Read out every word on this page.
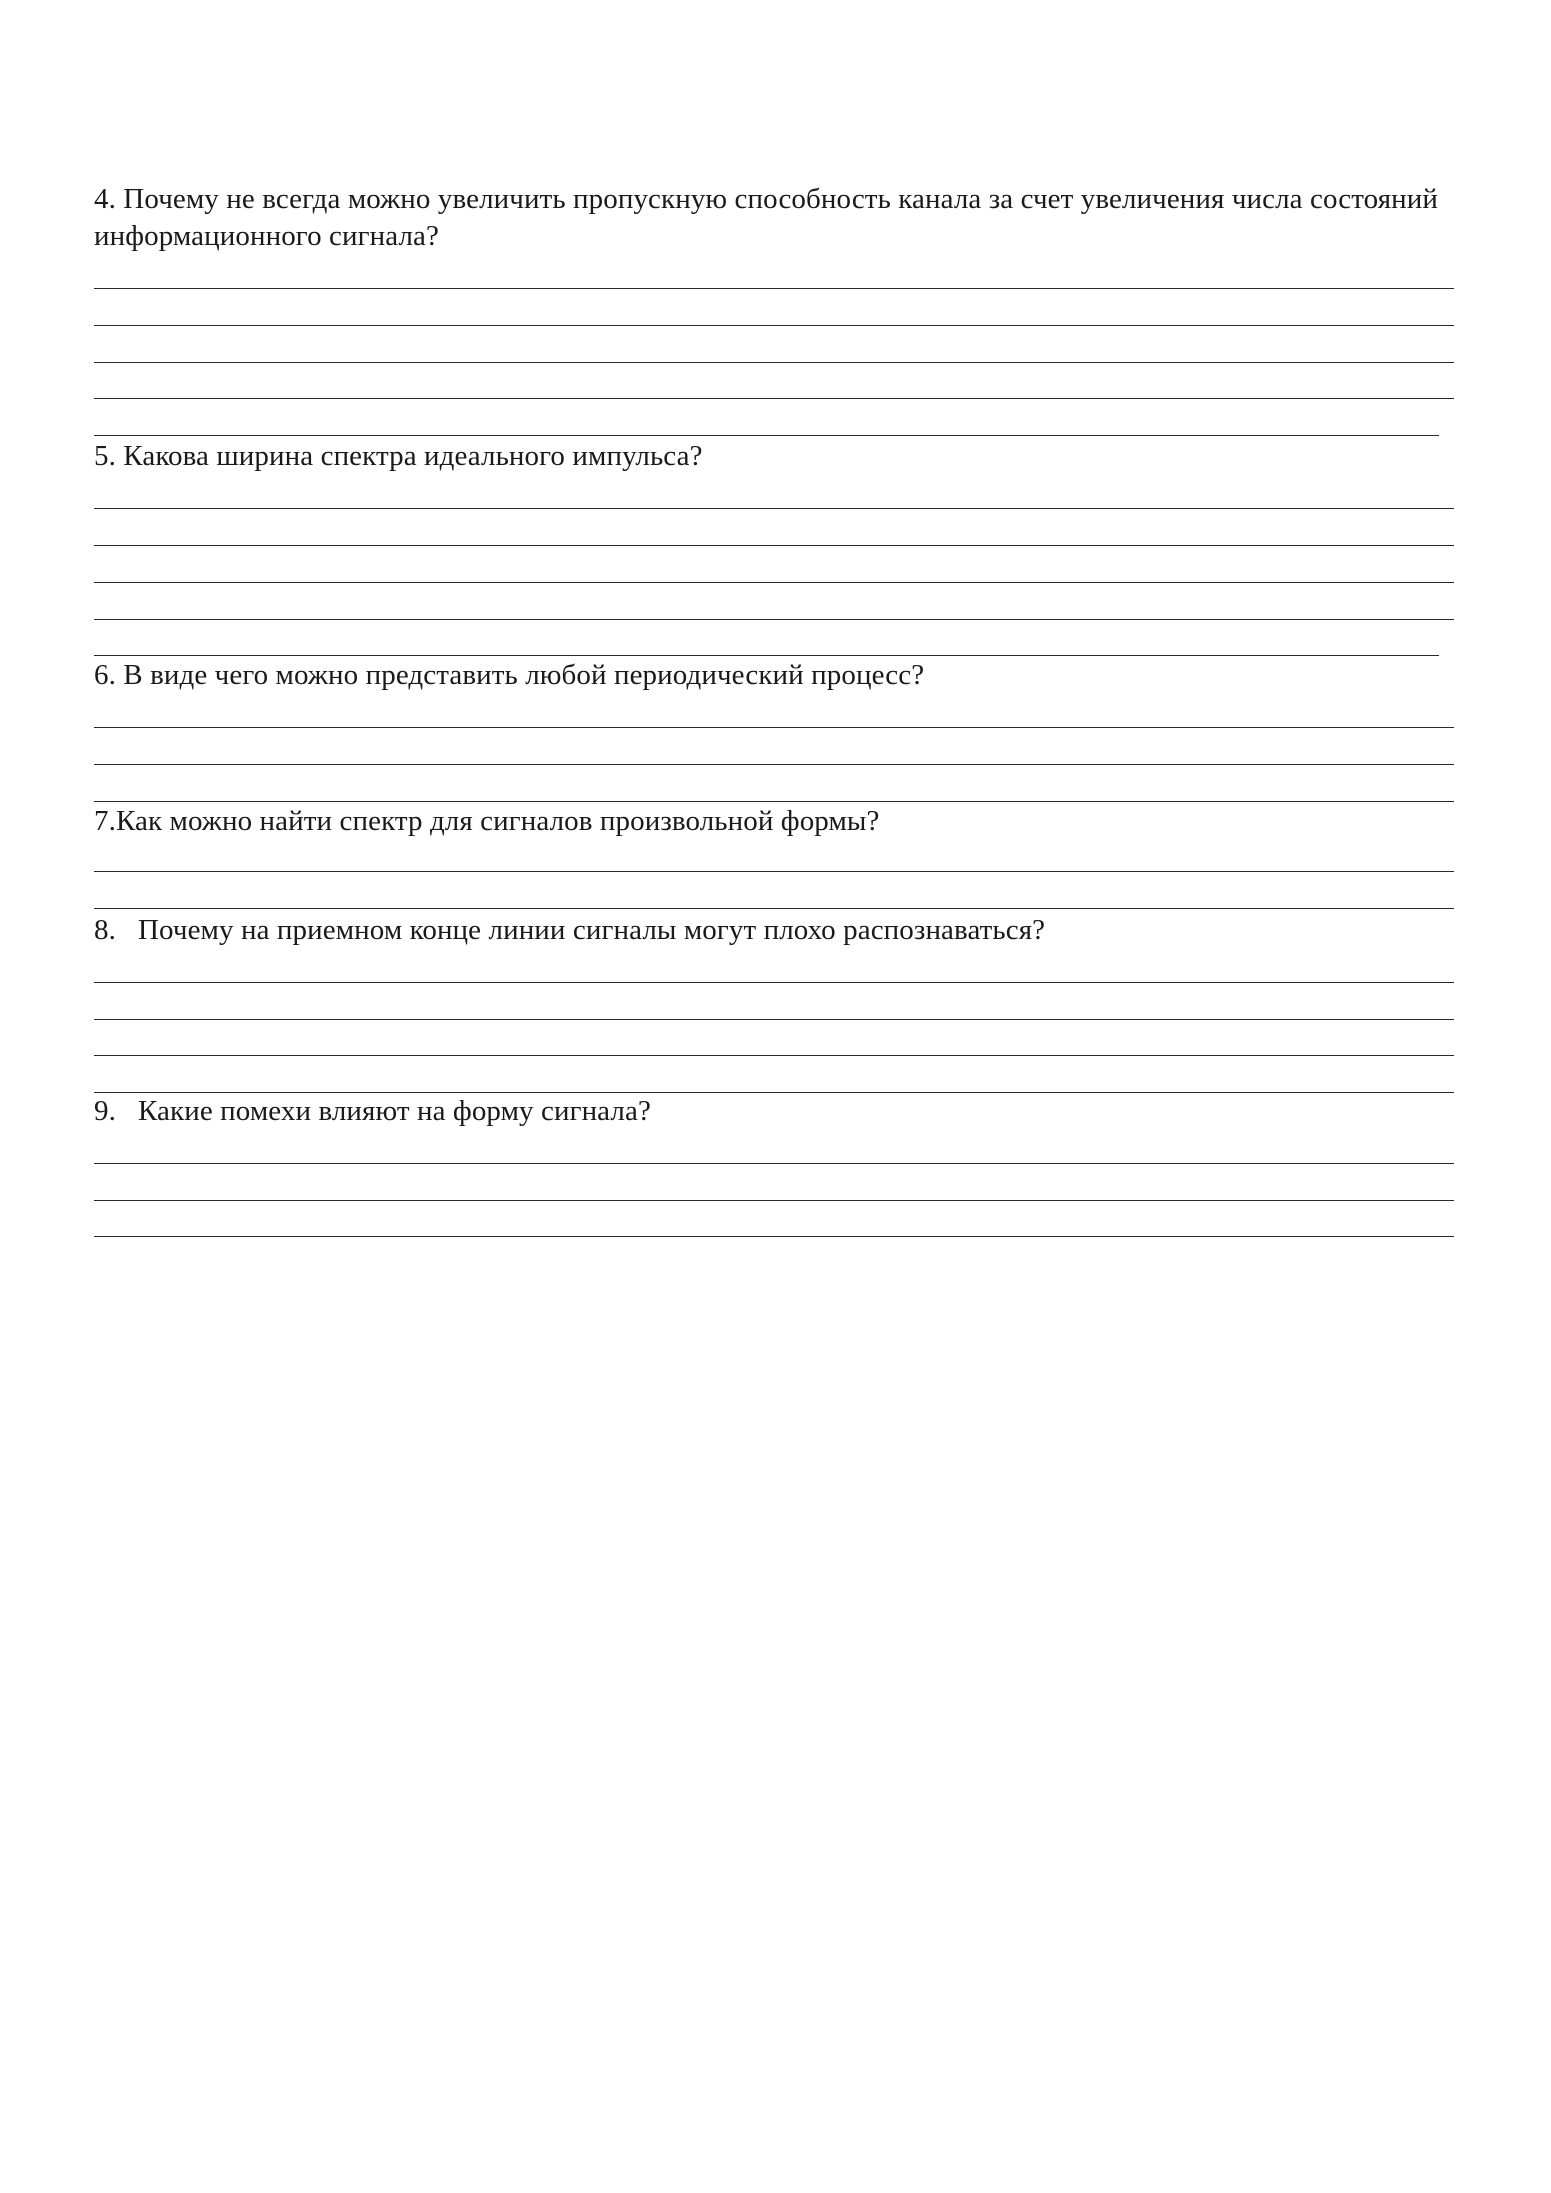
4. Почему не всегда можно увеличить пропускную способность канала за счет увеличения числа состояний информационного сигнала?
5. Какова ширина спектра идеального импульса?
6. В виде чего можно представить любой периодический процесс?
7.Как можно найти спектр для сигналов произвольной формы?
8.   Почему на приемном конце линии сигналы могут плохо распознаваться?
9.   Какие помехи влияют на форму сигнала?
